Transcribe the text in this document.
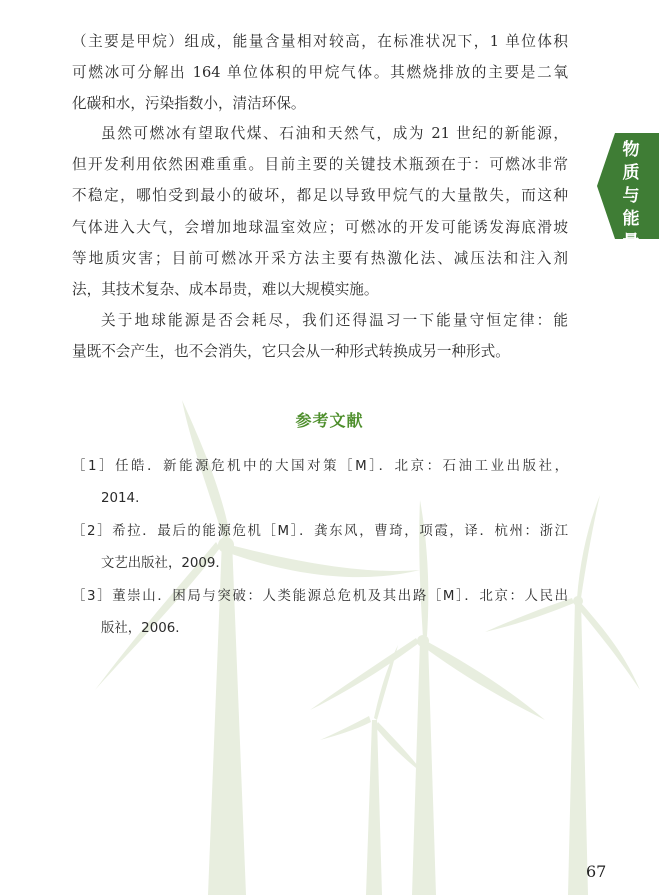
物质与能量
（主要是甲烷）组成，能量含量相对较高，在标准状况下，1 单位体积
可燃冰可分解出 164 单位体积的甲烷气体。其燃烧排放的主要是二氧
化碳和水，污染指数小，清洁环保。
虽然可燃冰有望取代煤、石油和天然气，成为 21 世纪的新能源，
但开发利用依然困难重重。目前主要的关键技术瓶颈在于：可燃冰非常
不稳定，哪怕受到最小的破坏，都足以导致甲烷气的大量散失，而这种
气体进入大气，会增加地球温室效应；可燃冰的开发可能诱发海底滑坡
等地质灾害；目前可燃冰开采方法主要有热激化法、减压法和注入剂
法，其技术复杂、成本昂贵，难以大规模实施。
关于地球能源是否会耗尽，我们还得温习一下能量守恒定律：能
量既不会产生，也不会消失，它只会从一种形式转换成另一种形式。
参考文献
［1］任皓．新能源危机中的大国对策［M］．北京：石油工业出版社，
2014.
［2］希拉．最后的能源危机［M］．龚东风，曹琦，项霞，译．杭州：浙江
文艺出版社，2009.
［3］董崇山．困局与突破：人类能源总危机及其出路［M］．北京：人民出
版社，2006.
67
